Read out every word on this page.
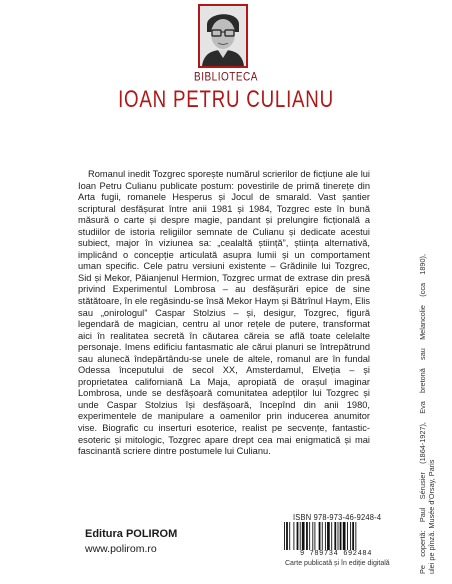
BIBLIOTECA
IOAN PETRU CULIANU

Romanul inedit Tozgrec sporește numărul scrierilor de ficțiune ale lui Ioan Petru Culianu publicate postum: povestirile de primă tinerețe din Arta fugii, romanele Hesperus și Jocul de smarald. Vast șantier scriptural desfășurat între anii 1981 și 1984, Tozgrec este în bună măsură o carte și despre magie, pandant și prelungire ficțională a studiilor de istoria religiilor semnate de Culianu și dedicate acestui subiect, major în viziunea sa: „cealaltă știință”, știința alternativă, implicând o concepție articulată asupra lumii și un comportament uman specific. Cele patru versiuni existente – Grădinile lui Tozgrec, Sid și Mekor, Păianjenul Hermion, Tozgrec urmat de extrase din presă privind Experimentul Lombrosa – au desfășurări epice de sine stătătoare, în ele regăsindu-se însă Mekor Haym și Bătrînul Haym, Elis sau „onirologul” Caspar Stolzius – și, desigur, Tozgrec, figură legendară de magician, centru al unor rețele de putere, transformat aici în realitatea secretă în căutarea căreia se află toate celelalte personaje. Imens edificiu fantasmatic ale cărui planuri se întrepătrund sau alunecă îndepărtându-se unele de altele, romanul are în fundal Odessa începutului de secol XX, Amsterdamul, Elveția – și proprietatea californiană La Maja, apropiată de orașul imaginar Lombrosa, unde se desfășoară comunitatea adepților lui Tozgrec și unde Caspar Stolzius își desfășoară, începînd din anii 1980, experimentele de manipulare a oamenilor prin inducerea anumitor vise. Biografic cu inserturi esoterice, realist pe secvențe, fantastic-esoteric și mitologic, Tozgrec apare drept cea mai enigmatică și mai fascinantă scriere dintre postumele lui Culianu.	Pe copertă: Paul Sérusier (1864-1927), Eva bretonă sau Melancolie (cca 1890), ulei pe pînză. Musée d'Orsay, Paris
ISBN 978-973-46-9248-4
9 789734 692484
Carte publicată și în ediție digitală
Editura POLIROM
www.polirom.ro
